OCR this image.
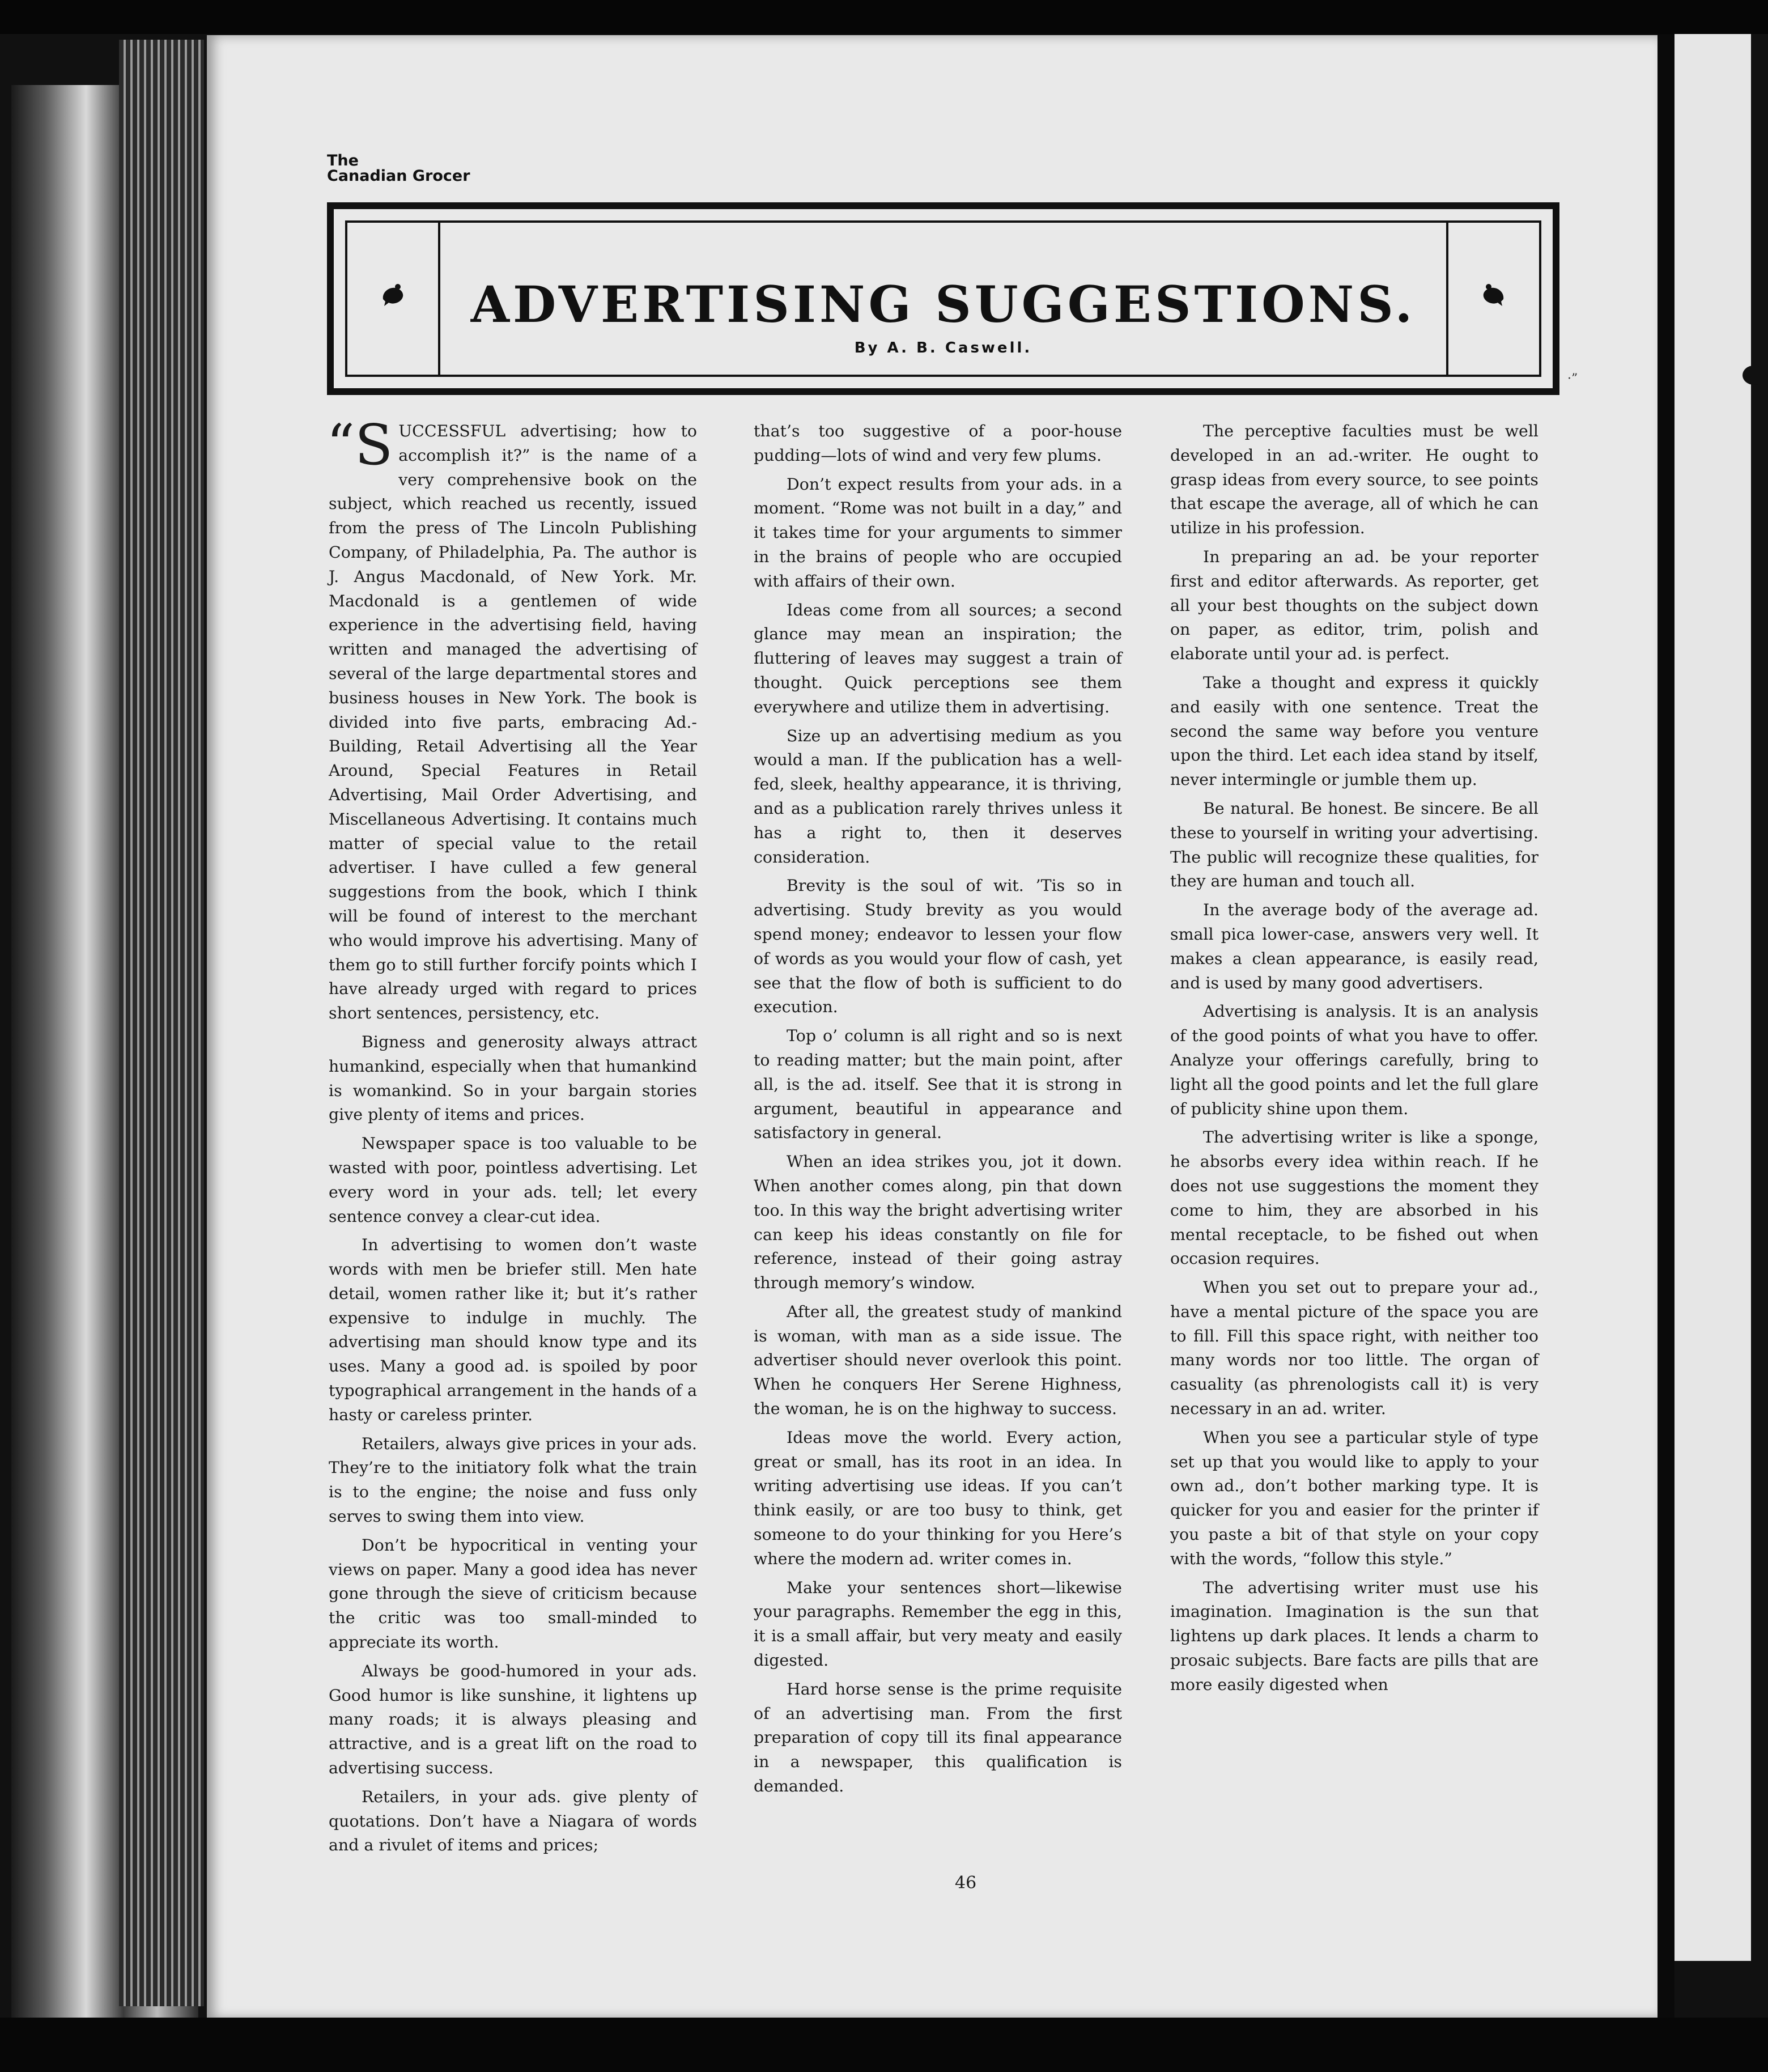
The
Canadian Grocer
ADVERTISING SUGGESTIONS.
By A. B. Caswell.
·”

“SUCCESSFUL advertising; how to accomplish it?” is the name of a very comprehensive book on the subject, which reached us recently, issued from the press of The Lincoln Publishing Company, of Philadelphia, Pa. The author is J. Angus Macdonald, of New York. Mr. Macdonald is a gentlemen of wide experience in the advertising field, having written and managed the advertising of several of the large departmental stores and business houses in New York. The book is divided into five parts, embracing Ad.-Building, Retail Advertising all the Year Around, Special Features in Retail Advertising, Mail Order Advertising, and Miscellaneous Advertising. It contains much matter of special value to the retail advertiser. I have culled a few general suggestions from the book, which I think will be found of interest to the merchant who would improve his advertising. Many of them go to still further forcify points which I have already urged with regard to prices short sentences, persistency, etc.

Bigness and generosity always attract humankind, especially when that humankind is womankind. So in your bargain stories give plenty of items and prices.

Newspaper space is too valuable to be wasted with poor, pointless advertising. Let every word in your ads. tell; let every sentence convey a clear-cut idea.

In advertising to women don’t waste words with men be briefer still. Men hate detail, women rather like it; but it’s rather expensive to indulge in muchly. The advertising man should know type and its uses. Many a good ad. is spoiled by poor typographical arrangement in the hands of a hasty or careless printer.

Retailers, always give prices in your ads. They’re to the initiatory folk what the train is to the engine; the noise and fuss only serves to swing them into view.

Don’t be hypocritical in venting your views on paper. Many a good idea has never gone through the sieve of criticism because the critic was too small-minded to appreciate its worth.

Always be good-humored in your ads. Good humor is like sunshine, it lightens up many roads; it is always pleasing and attractive, and is a great lift on the road to advertising success.

Retailers, in your ads. give plenty of quotations. Don’t have a Niagara of words and a rivulet of items and prices;

that’s too suggestive of a poor-house pudding—lots of wind and very few plums.

Don’t expect results from your ads. in a moment. “Rome was not built in a day,” and it takes time for your arguments to simmer in the brains of people who are occupied with affairs of their own.

Ideas come from all sources; a second glance may mean an inspiration; the fluttering of leaves may suggest a train of thought. Quick perceptions see them everywhere and utilize them in advertising.

Size up an advertising medium as you would a man. If the publication has a well-fed, sleek, healthy appearance, it is thriving, and as a publication rarely thrives unless it has a right to, then it deserves consideration.

Brevity is the soul of wit. ’Tis so in advertising. Study brevity as you would spend money; endeavor to lessen your flow of words as you would your flow of cash, yet see that the flow of both is sufficient to do execution.

Top o’ column is all right and so is next to reading matter; but the main point, after all, is the ad. itself. See that it is strong in argument, beautiful in appearance and satisfactory in general.

When an idea strikes you, jot it down. When another comes along, pin that down too. In this way the bright advertising writer can keep his ideas constantly on file for reference, instead of their going astray through memory’s window.

After all, the greatest study of mankind is woman, with man as a side issue. The advertiser should never overlook this point. When he conquers Her Serene Highness, the woman, he is on the highway to success.

Ideas move the world. Every action, great or small, has its root in an idea. In writing advertising use ideas. If you can’t think easily, or are too busy to think, get someone to do your thinking for you Here’s where the modern ad. writer comes in.

Make your sentences short—likewise your paragraphs. Remember the egg in this, it is a small affair, but very meaty and easily digested.

Hard horse sense is the prime requisite of an advertising man. From the first preparation of copy till its final appearance in a newspaper, this qualification is demanded.

The perceptive faculties must be well developed in an ad.-writer. He ought to grasp ideas from every source, to see points that escape the average, all of which he can utilize in his profession.

In preparing an ad. be your reporter first and editor afterwards. As reporter, get all your best thoughts on the subject down on paper, as editor, trim, polish and elaborate until your ad. is perfect.

Take a thought and express it quickly and easily with one sentence. Treat the second the same way before you venture upon the third. Let each idea stand by itself, never intermingle or jumble them up.

Be natural. Be honest. Be sincere. Be all these to yourself in writing your advertising. The public will recognize these qualities, for they are human and touch all.

In the average body of the average ad. small pica lower-case, answers very well. It makes a clean appearance, is easily read, and is used by many good advertisers.

Advertising is analysis. It is an analysis of the good points of what you have to offer. Analyze your offerings carefully, bring to light all the good points and let the full glare of publicity shine upon them.

The advertising writer is like a sponge, he absorbs every idea within reach. If he does not use suggestions the moment they come to him, they are absorbed in his mental receptacle, to be fished out when occasion requires.

When you set out to prepare your ad., have a mental picture of the space you are to fill. Fill this space right, with neither too many words nor too little. The organ of casuality (as phrenologists call it) is very necessary in an ad. writer.

When you see a particular style of type set up that you would like to apply to your own ad., don’t bother marking type. It is quicker for you and easier for the printer if you paste a bit of that style on your copy with the words, “follow this style.”

The advertising writer must use his imagination. Imagination is the sun that lightens up dark places. It lends a charm to prosaic subjects. Bare facts are pills that are more easily digested when

46
